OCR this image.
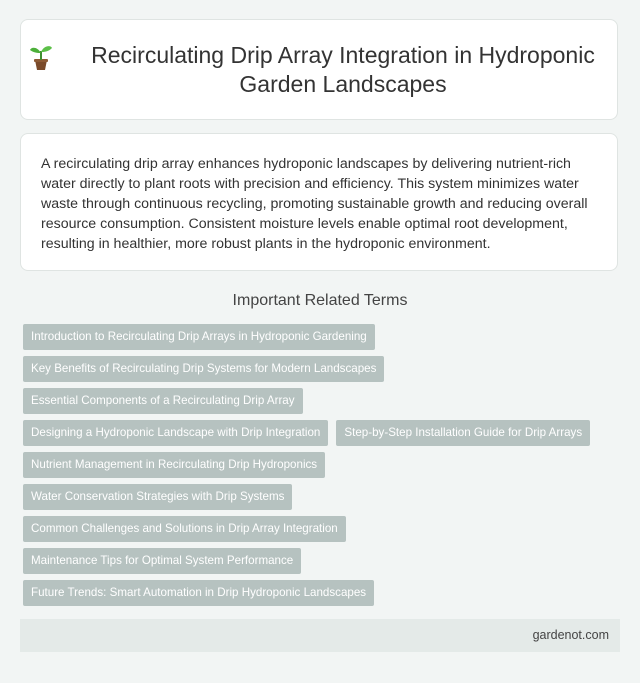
Recirculating Drip Array Integration in Hydroponic Garden Landscapes

A recirculating drip array enhances hydroponic landscapes by delivering nutrient-rich water directly to plant roots with precision and efficiency. This system minimizes water waste through continuous recycling, promoting sustainable growth and reducing overall resource consumption. Consistent moisture levels enable optimal root development, resulting in healthier, more robust plants in the hydroponic environment.

Important Related Terms
Introduction to Recirculating Drip Arrays in Hydroponic Gardening
Key Benefits of Recirculating Drip Systems for Modern Landscapes
Essential Components of a Recirculating Drip Array
Designing a Hydroponic Landscape with Drip Integration	Step-by-Step Installation Guide for Drip Arrays
Nutrient Management in Recirculating Drip Hydroponics
Water Conservation Strategies with Drip Systems
Common Challenges and Solutions in Drip Array Integration
Maintenance Tips for Optimal System Performance
Future Trends: Smart Automation in Drip Hydroponic Landscapes
gardenot.com
